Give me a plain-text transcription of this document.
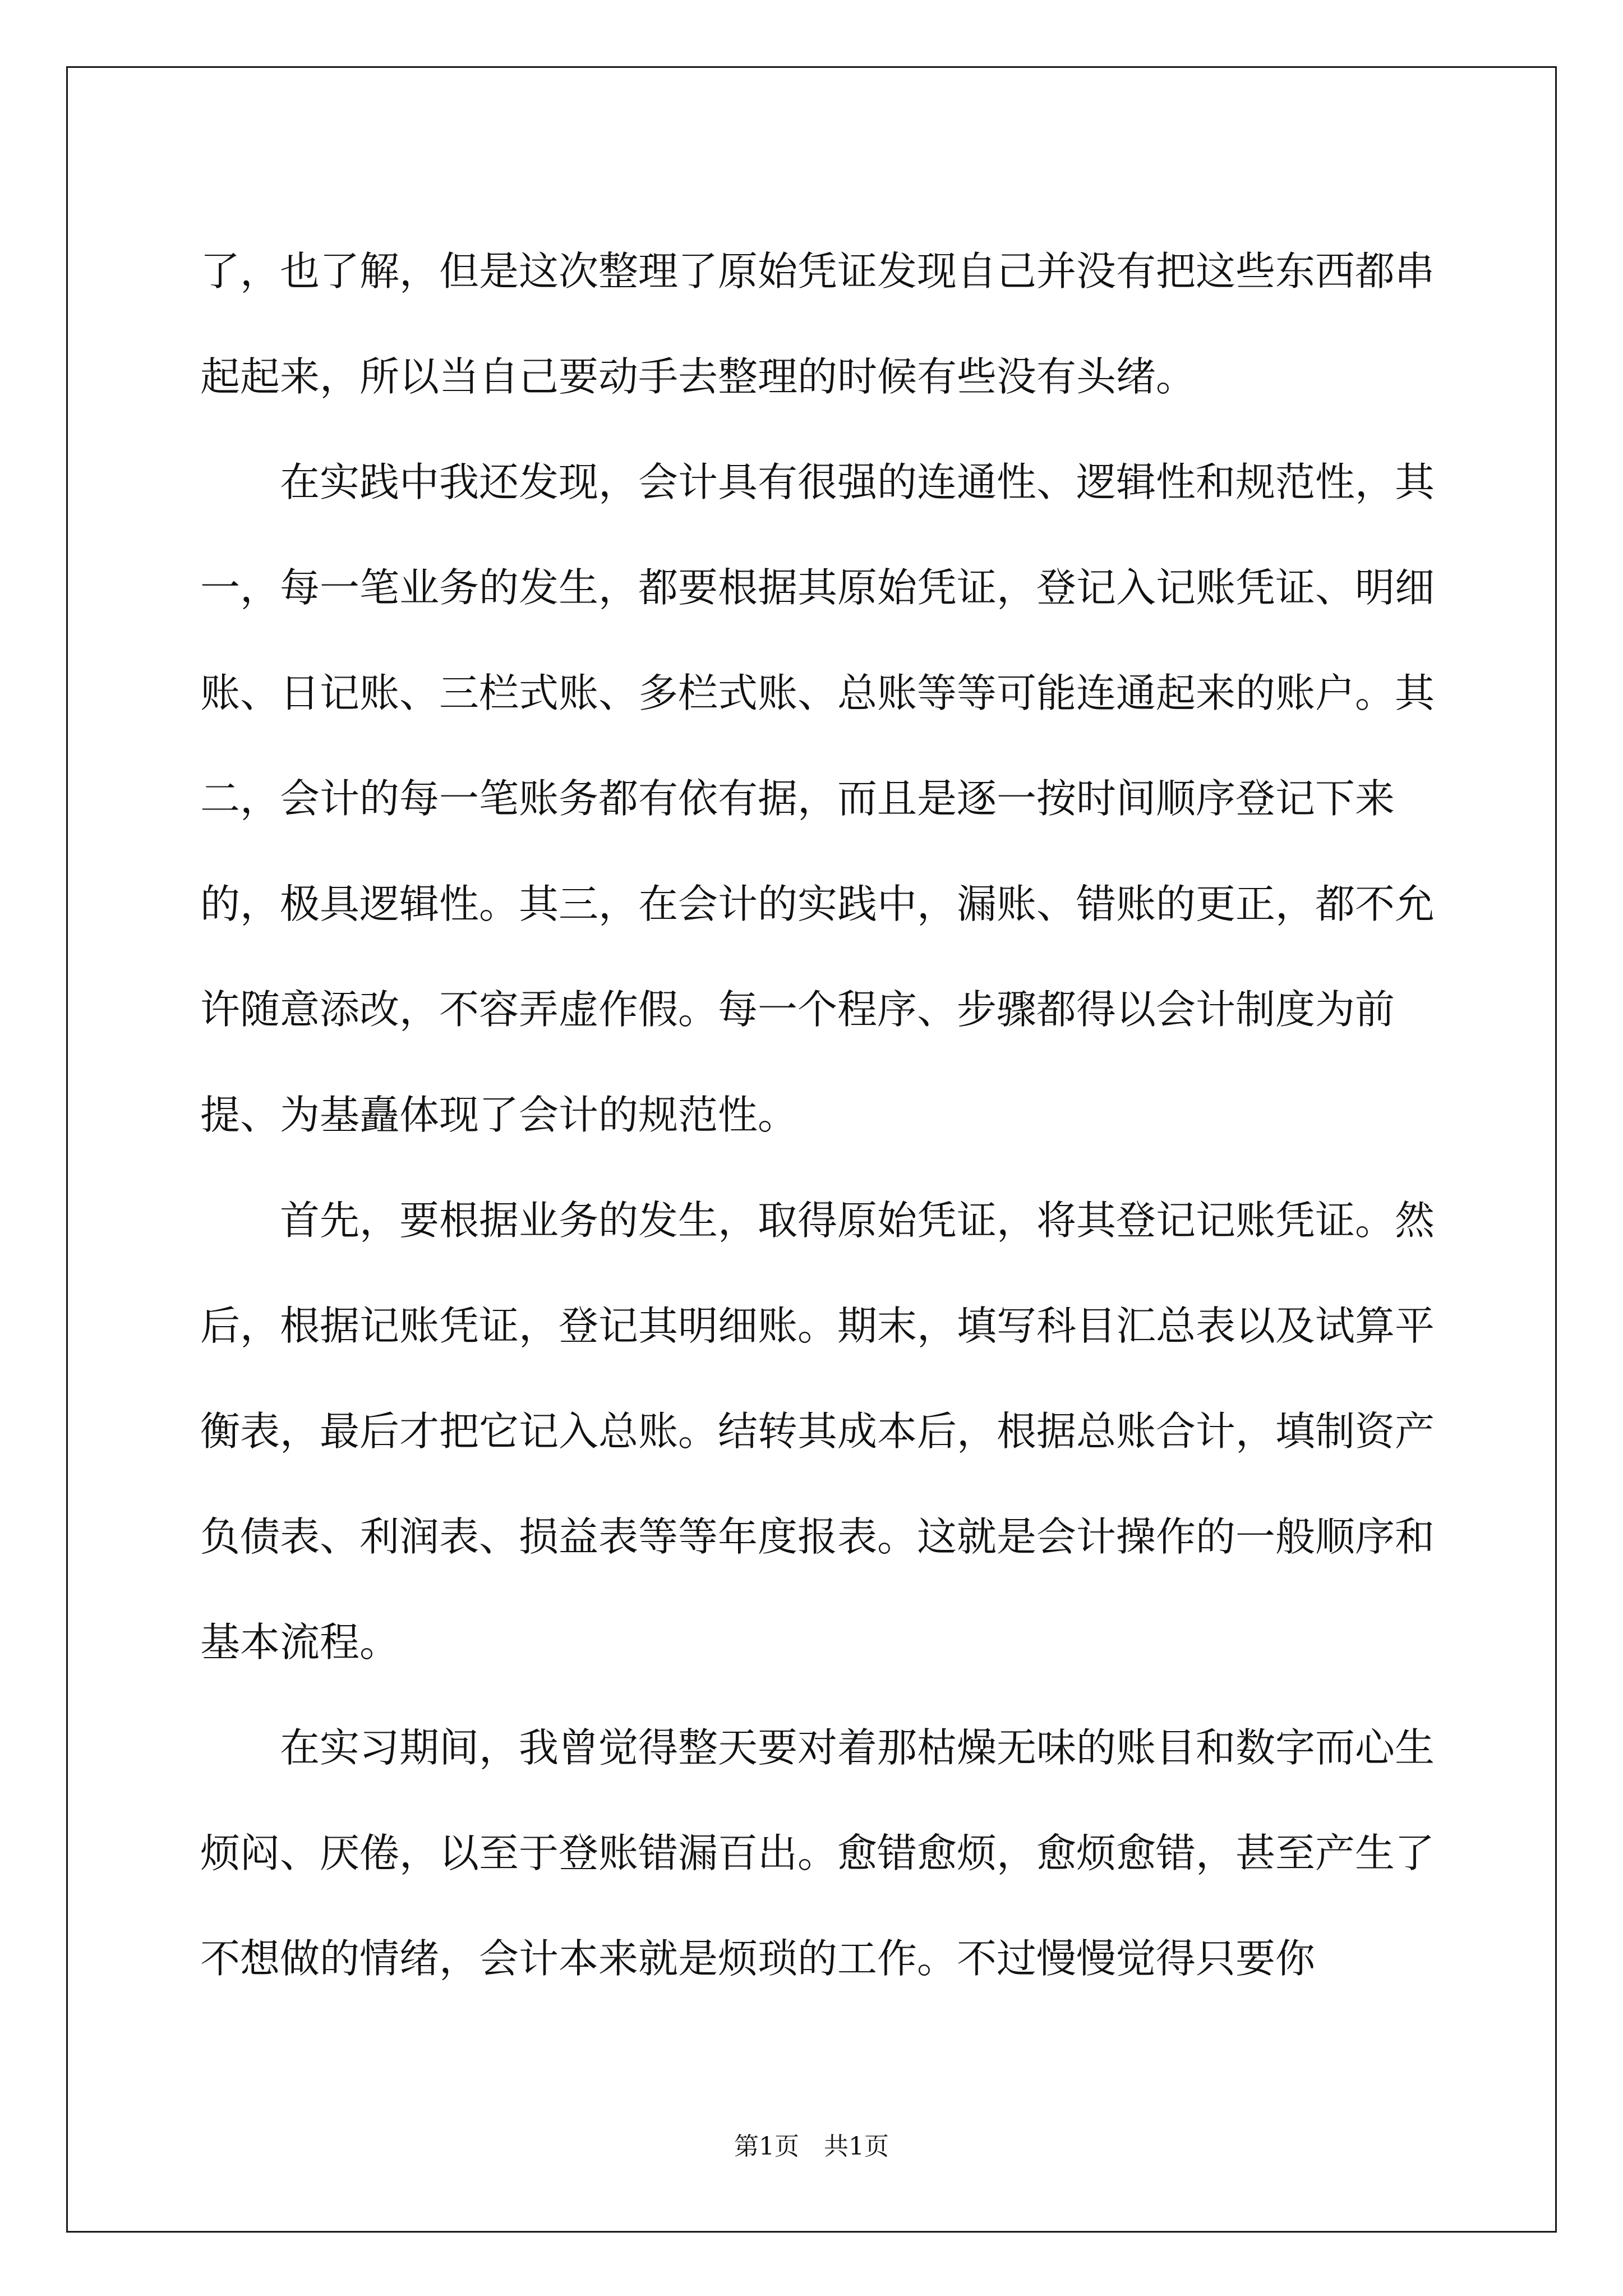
了，也了解，但是这次整理了原始凭证发现自己并没有把这些东西都串起起来，所以当自己要动手去整理的时候有些没有头绪。

　　在实践中我还发现，会计具有很强的连通性、逻辑性和规范性，其一，每一笔业务的发生，都要根据其原始凭证，登记入记账凭证、明细账、日记账、三栏式账、多栏式账、总账等等可能连通起来的账户。其二，会计的每一笔账务都有依有据，而且是逐一按时间顺序登记下来的，极具逻辑性。其三，在会计的实践中，漏账、错账的更正，都不允许随意添改，不容弄虚作假。每一个程序、步骤都得以会计制度为前提、为基矗体现了会计的规范性。

　　首先，要根据业务的发生，取得原始凭证，将其登记记账凭证。然后，根据记账凭证，登记其明细账。期末，填写科目汇总表以及试算平衡表，最后才把它记入总账。结转其成本后，根据总账合计，填制资产负债表、利润表、损益表等等年度报表。这就是会计操作的一般顺序和基本流程。

　　在实习期间，我曾觉得整天要对着那枯燥无味的账目和数字而心生烦闷、厌倦，以至于登账错漏百出。愈错愈烦，愈烦愈错，甚至产生了不想做的情绪，会计本来就是烦琐的工作。不过慢慢觉得只要你

第1页　共1页
